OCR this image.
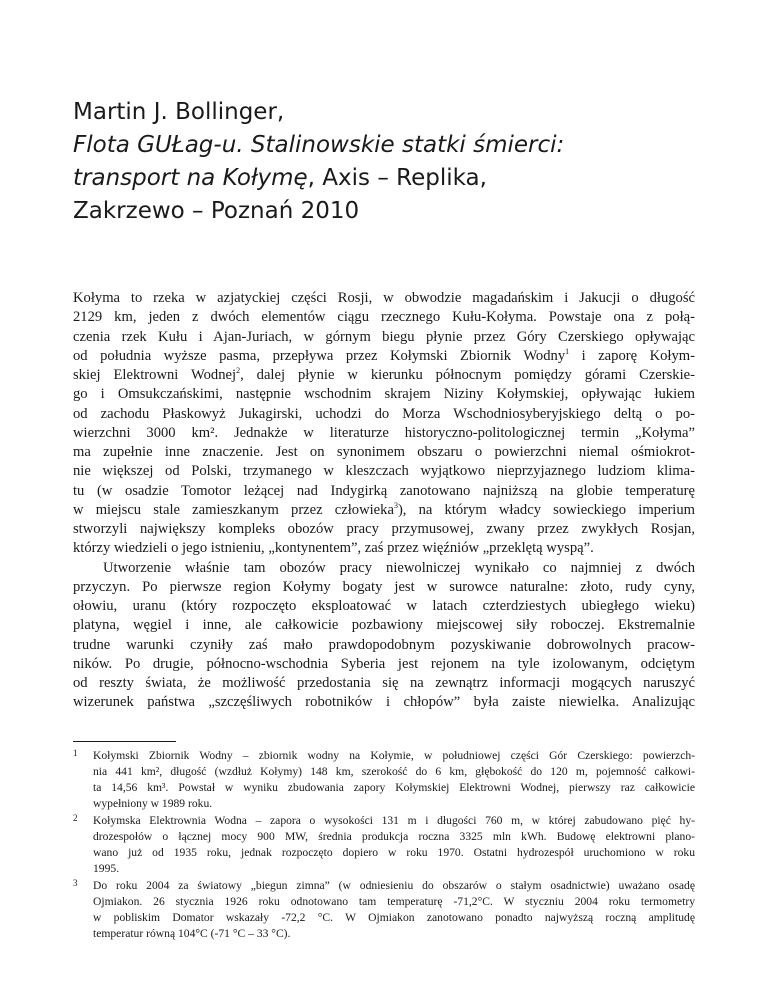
Martin J. Bollinger,
Flota GUŁag-u. Stalinowskie statki śmierci:
transport na Kołymę, Axis – Replika,
Zakrzewo – Poznań 2010
Kołyma to rzeka w azjatyckiej części Rosji, w obwodzie magadańskim i Jakucji o długość
2129 km, jeden z dwóch elementów ciągu rzecznego Kułu-Kołyma. Powstaje ona z połą-
czenia rzek Kułu i Ajan-Juriach, w górnym biegu płynie przez Góry Czerskiego opływając
od południa wyższe pasma, przepływa przez Kołymski Zbiornik Wodny$^1$ i zaporę Kołym-
skiej Elektrowni Wodnej$^2$, dalej płynie w kierunku północnym pomiędzy górami Czerskie-
go i Omsukczańskimi, następnie wschodnim skrajem Niziny Kołymskiej, opływając łukiem
od zachodu Płaskowyż Jukagirski, uchodzi do Morza Wschodniosyberyjskiego deltą o po-
wierzchni 3000 km². Jednakże w literaturze historyczno-politologicznej termin „Kołyma”
ma zupełnie inne znaczenie. Jest on synonimem obszaru o powierzchni niemal ośmiokrot-
nie większej od Polski, trzymanego w kleszczach wyjątkowo nieprzyjaznego ludziom klima-
tu (w osadzie Tomotor leżącej nad Indygirką zanotowano najniższą na globie temperaturę
w miejscu stale zamieszkanym przez człowieka$^3$), na którym władcy sowieckiego imperium
stworzyli największy kompleks obozów pracy przymusowej, zwany przez zwykłych Rosjan,
którzy wiedzieli o jego istnieniu, „kontynentem”, zaś przez więźniów „przeklętą wyspą”.
Utworzenie właśnie tam obozów pracy niewolniczej wynikało co najmniej z dwóch
przyczyn. Po pierwsze region Kołymy bogaty jest w surowce naturalne: złoto, rudy cyny,
ołowiu, uranu (który rozpoczęto eksploatować w latach czterdziestych ubiegłego wieku)
platyna, węgiel i inne, ale całkowicie pozbawiony miejscowej siły roboczej. Ekstremalnie
trudne warunki czyniły zaś mało prawdopodobnym pozyskiwanie dobrowolnych pracow-
ników. Po drugie, północno-wschodnia Syberia jest rejonem na tyle izolowanym, odciętym
od reszty świata, że możliwość przedostania się na zewnątrz informacji mogących naruszyć
wizerunek państwa „szczęśliwych robotników i chłopów” była zaiste niewielka. Analizując
1 Kołymski Zbiornik Wodny – zbiornik wodny na Kołymie, w południowej części Gór Czerskiego: powierzch-
nia 441 km², długość (wzdłuż Kołymy) 148 km, szerokość do 6 km, głębokość do 120 m, pojemność całkowi-
ta 14,56 km³. Powstał w wyniku zbudowania zapory Kołymskiej Elektrowni Wodnej, pierwszy raz całkowicie
wypełniony w 1989 roku.
2 Kołymska Elektrownia Wodna – zapora o wysokości 131 m i długości 760 m, w której zabudowano pięć hy-
drozespołów o łącznej mocy 900 MW, średnia produkcja roczna 3325 mln kWh. Budowę elektrowni plano-
wano już od 1935 roku, jednak rozpoczęto dopiero w roku 1970. Ostatni hydrozespół uruchomiono w roku
1995.
3 Do roku 2004 za światowy „biegun zimna” (w odniesieniu do obszarów o stałym osadnictwie) uważano osadę
Ojmiakon. 26 stycznia 1926 roku odnotowano tam temperaturę -71,2°C. W styczniu 2004 roku termometry
w pobliskim Domator wskazały -72,2 °C. W Ojmiakon zanotowano ponadto najwyższą roczną amplitudę
temperatur równą 104°C (-71 °C – 33 °C).
